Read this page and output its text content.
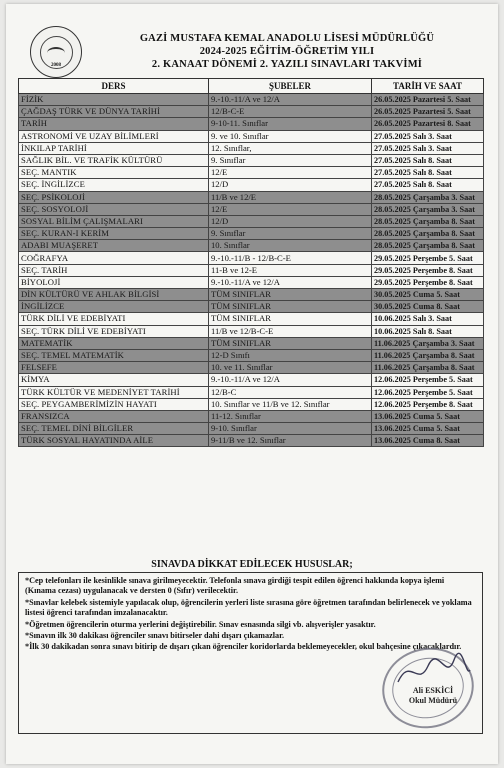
2008
GAZİ MUSTAFA KEMAL ANADOLU LİSESİ MÜDÜRLÜĞÜ
2024-2025 EĞİTİM-ÖĞRETİM YILI
2. KANAAT DÖNEMİ 2. YAZILI SINAVLARI TAKVİMİ
DERS	ŞUBELER	TARİH VE SAAT
FİZİK	9.-10.-11/A ve 12/A	26.05.2025 Pazartesi 5. Saat
ÇAĞDAŞ TÜRK VE DÜNYA TARİHİ	12/B-C-E	26.05.2025 Pazartesi 5. Saat
TARİH	9-10-11. Sınıflar	26.05.2025 Pazartesi 8. Saat
ASTRONOMİ VE UZAY BİLİMLERİ	9. ve 10. Sınıflar	27.05.2025 Salı 3. Saat
İNKILAP TARİHİ	12. Sınıflar,	27.05.2025 Salı 3. Saat
SAĞLIK BİL. VE TRAFİK KÜLTÜRÜ	9. Sınıflar	27.05.2025 Salı 8. Saat
SEÇ. MANTIK	12/E	27.05.2025 Salı 8. Saat
SEÇ. İNGİLİZCE	12/D	27.05.2025 Salı 8. Saat
SEÇ. PSİKOLOJİ	11/B ve 12/E	28.05.2025 Çarşamba 3. Saat
SEÇ. SOSYOLOJİ	12/E	28.05.2025 Çarşamba 3. Saat
SOSYAL BİLİM ÇALIŞMALARI	12/D	28.05.2025 Çarşamba 8. Saat
SEÇ. KURAN-I KERİM	9. Sınıflar	28.05.2025 Çarşamba 8. Saat
ADABI MUAŞERET	10. Sınıflar	28.05.2025 Çarşamba 8. Saat
COĞRAFYA	9.-10.-11/B - 12/B-C-E	29.05.2025 Perşembe 5. Saat
SEÇ. TARİH	11-B ve 12-E	29.05.2025 Perşembe 8. Saat
BİYOLOJİ	9.-10.-11/A ve 12/A	29.05.2025 Perşembe 8. Saat
DİN KÜLTÜRÜ VE AHLAK BİLGİSİ	TÜM SINIFLAR	30.05.2025 Cuma 5. Saat
İNGİLİZCE	TÜM SINIFLAR	30.05.2025 Cuma 8. Saat
TÜRK DİLİ VE EDEBİYATI	TÜM SINIFLAR	10.06.2025 Salı 3. Saat
SEÇ. TÜRK DİLİ VE EDEBİYATI	11/B ve 12/B-C-E	10.06.2025 Salı 8. Saat
MATEMATİK	TÜM SINIFLAR	11.06.2025 Çarşamba 3. Saat
SEÇ. TEMEL MATEMATİK	12-D Sınıfı	11.06.2025 Çarşamba 8. Saat
FELSEFE	10. ve 11. Sınıflar	11.06.2025 Çarşamba 8. Saat
KİMYA	9.-10.-11/A ve 12/A	12.06.2025 Perşembe 5. Saat
TÜRK KÜLTÜR VE MEDENİYET TARİHİ	12/B-C	12.06.2025 Perşembe 5. Saat
SEÇ. PEYGAMBERİMİZİN HAYATI	10. Sınıflar ve 11/B ve 12. Sınıflar	12.06.2025 Perşembe 8. Saat
FRANSIZCA	11-12. Sınıflar	13.06.2025 Cuma 5. Saat
SEÇ. TEMEL DİNİ BİLGİLER	9-10. Sınıflar	13.06.2025 Cuma 5. Saat
TÜRK SOSYAL HAYATINDA AİLE	9-11/B ve 12. Sınıflar	13.06.2025 Cuma 8. Saat
SINAVDA DİKKAT EDİLECEK HUSUSLAR;

*Cep telefonları ile kesinlikle sınava girilmeyecektir. Telefonla sınava girdiği tespit edilen öğrenci hakkında kopya işlemi (Kınama cezası) uygulanacak ve dersten 0 (Sıfır) verilecektir.

*Sınavlar kelebek sistemiyle yapılacak olup, öğrencilerin yerleri liste sırasına göre öğretmen tarafından belirlenecek ve yoklama listesi öğrenci tarafından imzalanacaktır.

*Öğretmen öğrencilerin oturma yerlerini değiştirebilir. Sınav esnasında silgi vb. alışverişler yasaktır.

*Sınavın ilk 30 dakikası öğrenciler sınavı bitirseler dahi dışarı çıkamazlar.

*İlk 30 dakikadan sonra sınavı bitirip de dışarı çıkan öğrenciler koridorlarda beklemeyecekler, okul bahçesine çıkacaklardır.

Ali ESKİCİ
Okul Müdürü
